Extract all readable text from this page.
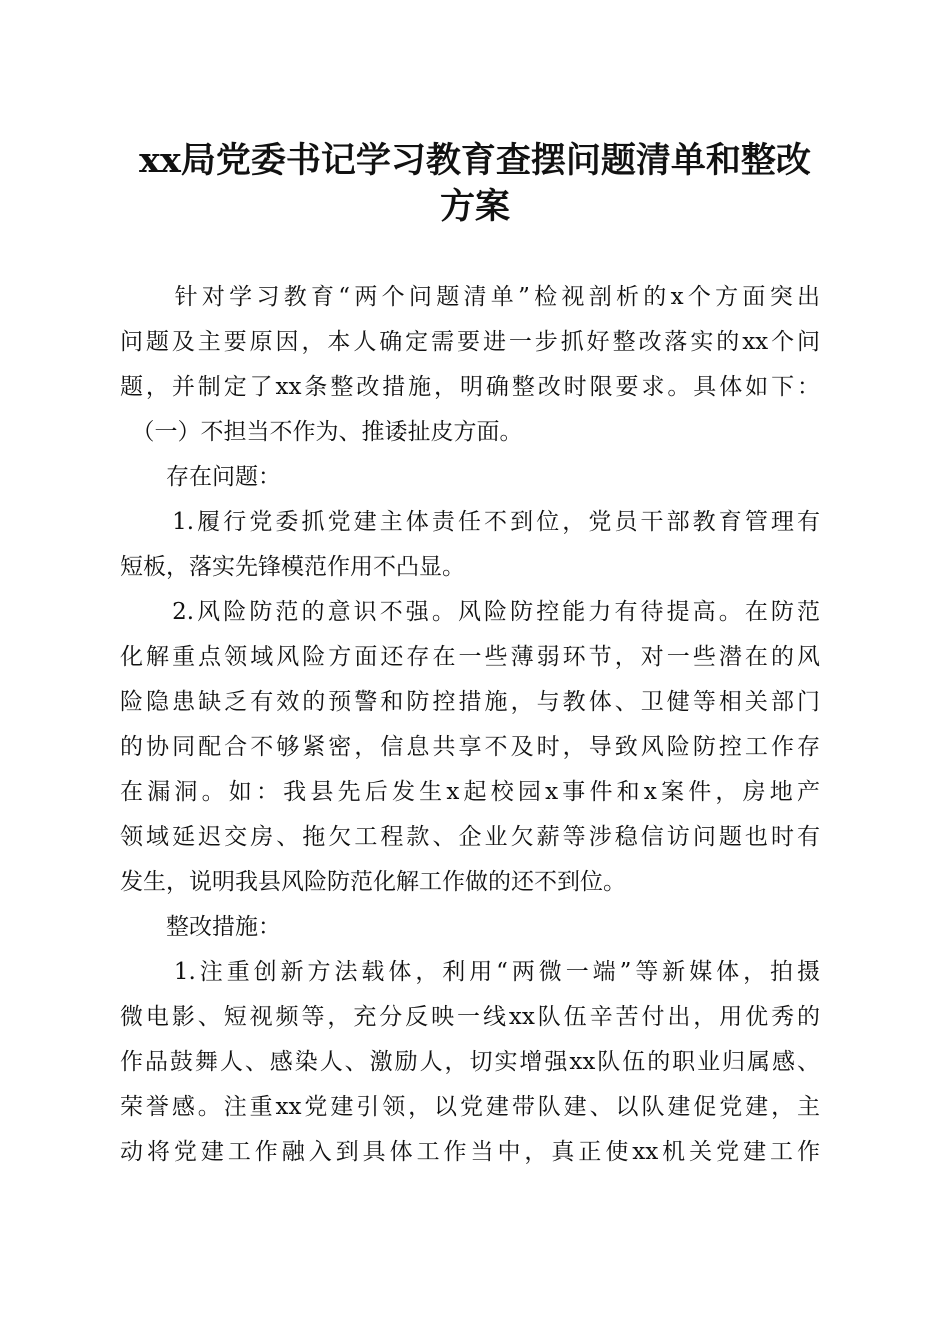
xx局党委书记学习教育查摆问题清单和整改
方案
　　针对学习教育“两个问题清单”检视剖析的x个方面突出
问题及主要原因，本人确定需要进一步抓好整改落实的xx个问
题，并制定了xx条整改措施，明确整改时限要求。具体如下：
　（一）不担当不作为、推诿扯皮方面。
　　存在问题：
　　1.履行党委抓党建主体责任不到位，党员干部教育管理有
短板，落实先锋模范作用不凸显。
　　2.风险防范的意识不强。风险防控能力有待提高。在防范
化解重点领域风险方面还存在一些薄弱环节，对一些潜在的风
险隐患缺乏有效的预警和防控措施，与教体、卫健等相关部门
的协同配合不够紧密，信息共享不及时，导致风险防控工作存
在漏洞。如：我县先后发生x起校园x事件和x案件，房地产
领域延迟交房、拖欠工程款、企业欠薪等涉稳信访问题也时有
发生，说明我县风险防范化解工作做的还不到位。
　　整改措施：
　　1.注重创新方法载体，利用“两微一端”等新媒体，拍摄
微电影、短视频等，充分反映一线xx队伍辛苦付出，用优秀的
作品鼓舞人、感染人、激励人，切实增强xx队伍的职业归属感、
荣誉感。注重xx党建引领，以党建带队建、以队建促党建，主
动将党建工作融入到具体工作当中，真正使xx机关党建工作
